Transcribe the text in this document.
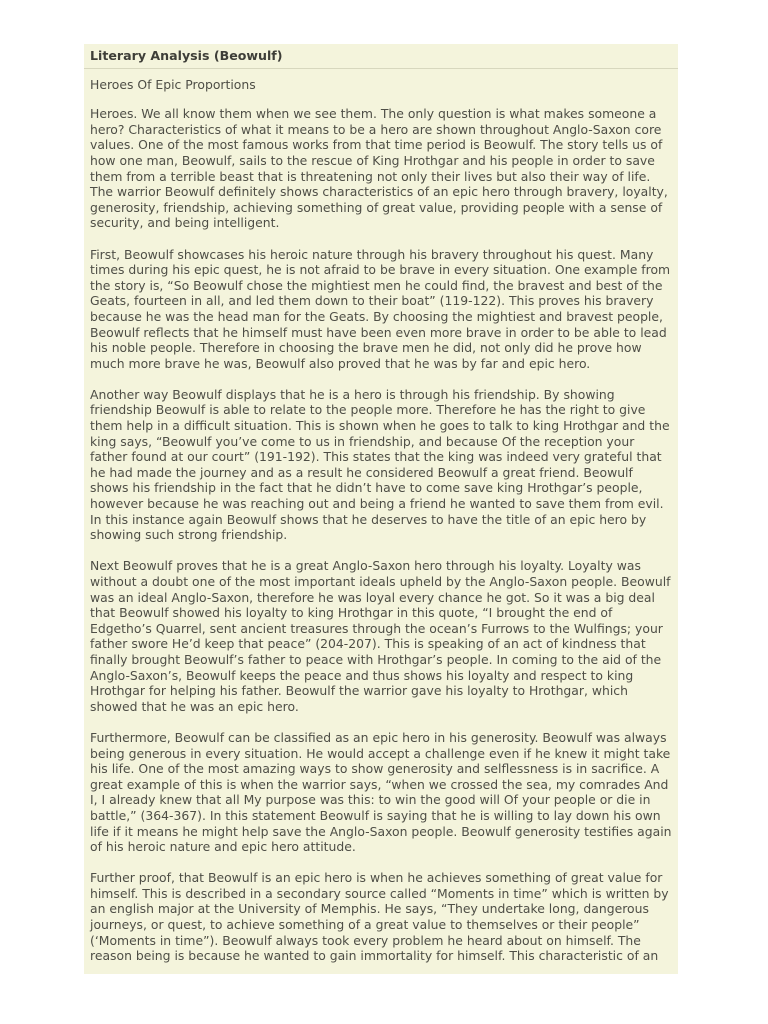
Literary Analysis (Beowulf)

Heroes Of Epic Proportions

Heroes. We all know them when we see them. The only question is what makes someone a hero? Characteristics of what it means to be a hero are shown throughout Anglo-Saxon core values. One of the most famous works from that time period is Beowulf. The story tells us of how one man, Beowulf, sails to the rescue of King Hrothgar and his people in order to save them from a terrible beast that is threatening not only their lives but also their way of life. The warrior Beowulf definitely shows characteristics of an epic hero through bravery, loyalty, generosity, friendship, achieving something of great value, providing people with a sense of security, and being intelligent.

First, Beowulf showcases his heroic nature through his bravery throughout his quest. Many times during his epic quest, he is not afraid to be brave in every situation. One example from the story is, “So Beowulf chose the mightiest men he could find, the bravest and best of the Geats, fourteen in all, and led them down to their boat” (119-122). This proves his bravery because he was the head man for the Geats. By choosing the mightiest and bravest people, Beowulf reflects that he himself must have been even more brave in order to be able to lead his noble people. Therefore in choosing the brave men he did, not only did he prove how much more brave he was, Beowulf also proved that he was by far and epic hero.

Another way Beowulf displays that he is a hero is through his friendship. By showing friendship Beowulf is able to relate to the people more. Therefore he has the right to give them help in a difficult situation. This is shown when he goes to talk to king Hrothgar and the king says, “Beowulf you’ve come to us in friendship, and because Of the reception your father found at our court” (191-192). This states that the king was indeed very grateful that he had made the journey and as a result he considered Beowulf a great friend. Beowulf shows his friendship in the fact that he didn’t have to come save king Hrothgar’s people, however because he was reaching out and being a friend he wanted to save them from evil. In this instance again Beowulf shows that he deserves to have the title of an epic hero by showing such strong friendship.

Next Beowulf proves that he is a great Anglo-Saxon hero through his loyalty. Loyalty was without a doubt one of the most important ideals upheld by the Anglo-Saxon people. Beowulf was an ideal Anglo-Saxon, therefore he was loyal every chance he got. So it was a big deal that Beowulf showed his loyalty to king Hrothgar in this quote, “I brought the end of Edgetho’s Quarrel, sent ancient treasures through the ocean’s Furrows to the Wulfings; your father swore He’d keep that peace” (204-207). This is speaking of an act of kindness that finally brought Beowulf’s father to peace with Hrothgar’s people. In coming to the aid of the Anglo-Saxon’s, Beowulf keeps the peace and thus shows his loyalty and respect to king Hrothgar for helping his father. Beowulf the warrior gave his loyalty to Hrothgar, which showed that he was an epic hero.

Furthermore, Beowulf can be classified as an epic hero in his generosity. Beowulf was always being generous in every situation. He would accept a challenge even if he knew it might take his life. One of the most amazing ways to show generosity and selflessness is in sacrifice. A great example of this is when the warrior says, “when we crossed the sea, my comrades And I, I already knew that all My purpose was this: to win the good will Of your people or die in battle,” (364-367). In this statement Beowulf is saying that he is willing to lay down his own life if it means he might help save the Anglo-Saxon people. Beowulf generosity testifies again of his heroic nature and epic hero attitude.

Further proof, that Beowulf is an epic hero is when he achieves something of great value for himself. This is described in a secondary source called “Moments in time” which is written by an english major at the University of Memphis. He says, “They undertake long, dangerous journeys, or quest, to achieve something of a great value to themselves or their people” (‘Moments in time”). Beowulf always took every problem he heard about on himself. The reason being is because he wanted to gain immortality for himself. This characteristic of an
